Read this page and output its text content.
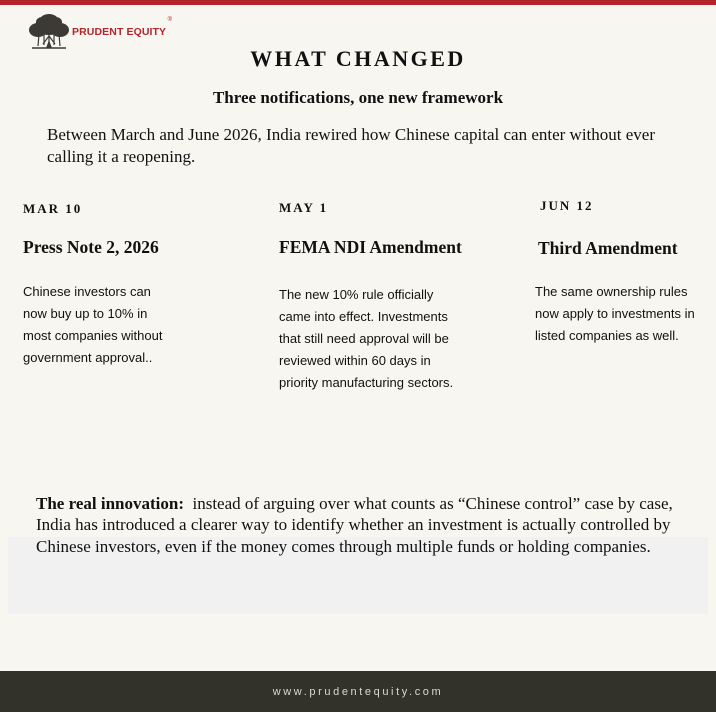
PRUDENT EQUITY
®
WHAT CHANGED
Three notifications, one new framework
Between March and June 2026, India rewired how Chinese capital can enter without ever calling it a reopening.
MAR 10
Press Note 2, 2026
Chinese investors can now buy up to 10% in most companies without government approval..
MAY 1
FEMA NDI Amendment
The new 10% rule officially came into effect. Investments that still need approval will be reviewed within 60 days in priority manufacturing sectors.
JUN 12
Third Amendment
The same ownership rules now apply to investments in listed companies as well.
The real innovation: instead of arguing over what counts as “Chinese control” case by case, India has introduced a clearer way to identify whether an investment is actually controlled by Chinese investors, even if the money comes through multiple funds or holding companies.
www.prudentequity.com
